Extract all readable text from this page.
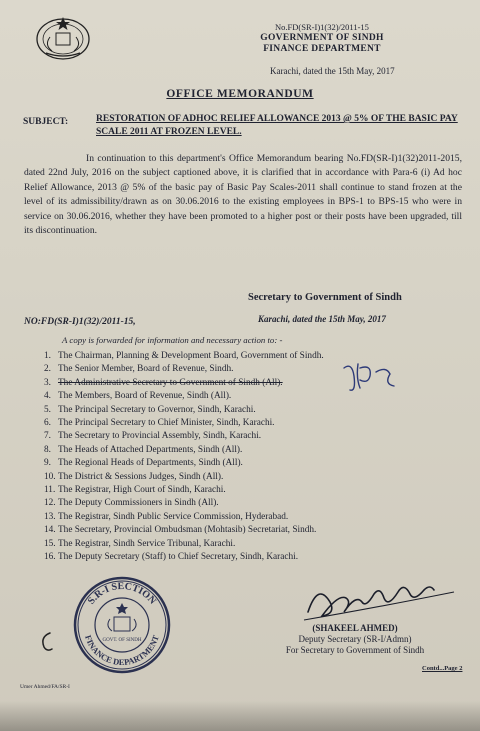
No.FD(SR-I)1(32)/2011-15
GOVERNMENT OF SINDH
FINANCE DEPARTMENT
Karachi, dated the 15th May, 2017
OFFICE MEMORANDUM
SUBJECT:	RESTORATION OF ADHOC RELIEF ALLOWANCE 2013 @ 5% OF THE BASIC PAY SCALE 2011 AT FROZEN LEVEL.
In continuation to this department's Office Memorandum bearing No.FD(SR-I)1(32)2011-2015, dated 22nd July, 2016 on the subject captioned above, it is clarified that in accordance with Para-6 (i) Ad hoc Relief Allowance, 2013 @ 5% of the basic pay of Basic Pay Scales-2011 shall continue to stand frozen at the level of its admissibility/drawn as on 30.06.2016 to the existing employees in BPS-1 to BPS-15 who were in service on 30.06.2016, whether they have been promoted to a higher post or their posts have been upgraded, till its discontinuation.
Secretary to Government of Sindh
NO:FD(SR-I)1(32)/2011-15,	Karachi, dated the 15th May, 2017
A copy is forwarded for information and necessary action to: -
1. The Chairman, Planning & Development Board, Government of Sindh.
2. The Senior Member, Board of Revenue, Sindh.
3. The Administrative Secretary to Government of Sindh (All).
4. The Members, Board of Revenue, Sindh (All).
5. The Principal Secretary to Governor, Sindh, Karachi.
6. The Principal Secretary to Chief Minister, Sindh, Karachi.
7. The Secretary to Provincial Assembly, Sindh, Karachi.
8. The Heads of Attached Departments, Sindh (All).
9. The Regional Heads of Departments, Sindh (All).
10. The District & Sessions Judges, Sindh (All).
11. The Registrar, High Court of Sindh, Karachi.
12. The Deputy Commissioners in Sindh (All).
13. The Registrar, Sindh Public Service Commission, Hyderabad.
14. The Secretary, Provincial Ombudsman (Mohtasib) Secretariat, Sindh.
15. The Registrar, Sindh Service Tribunal, Karachi.
16. The Deputy Secretary (Staff) to Chief Secretary, Sindh, Karachi.
S.R-I SECTION
FINANCE DEPARTMENT
GOVT. OF SINDH
(SHAKEEL AHMED)
Deputy Secretary (SR-I/Admn)
For Secretary to Government of Sindh
Contd...Page 2
Umer Ahmed/FA/SR-I
